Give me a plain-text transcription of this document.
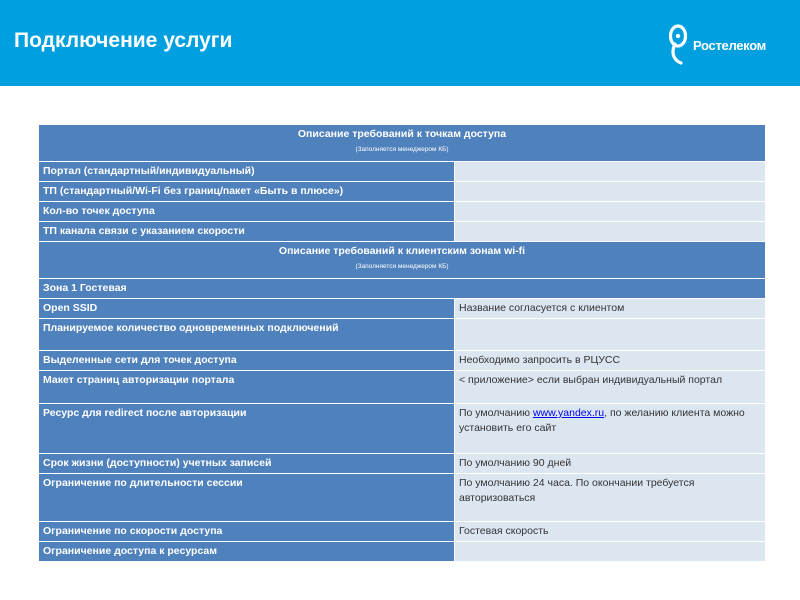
Подключение услуги	Ростелеком
Описание требований к точкам доступа
(Заполняется менеджером КБ)	

Портал (стандартный/индивидуальный)	
ТП (стандартный/Wi-Fi без границ/пакет «Быть в плюсе»)	
Кол-во точек доступа	
ТП канала связи с указанием скорости	
Описание требований к клиентским зонам wi-fi
(Заполняется менеджером КБ)	

Зона 1 Гостевая	
Open SSID	Название согласуется с клиентом
Планируемое количество одновременных подключений	
Выделенные сети для точек доступа	Необходимо запросить в РЦУСС
Макет страниц авторизации портала	< приложение> если выбран индивидуальный портал
Ресурс для redirect после авторизации	По умолчанию www.yandex.ru, по желанию клиента можно установить его сайт
Срок жизни (доступности) учетных записей	По умолчанию 90 дней
Ограничение по длительности сессии	По умолчанию 24 часа. По окончании требуется авторизоваться
Ограничение по скорости доступа	Гостевая скорость
Ограничение доступа к ресурсам	
